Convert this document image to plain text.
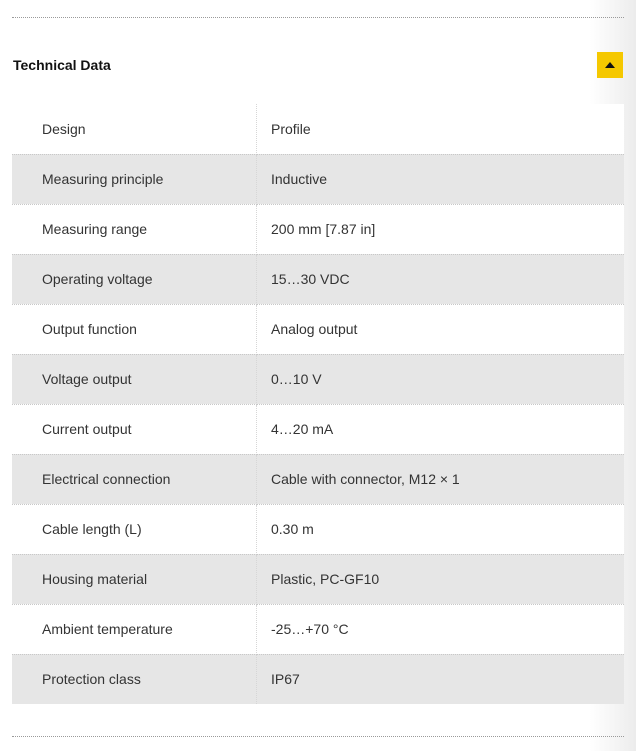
Technical Data
Design	Profile
Measuring principle	Inductive
Measuring range	200 mm [7.87 in]
Operating voltage	15…30 VDC
Output function	Analog output
Voltage output	0…10 V
Current output	4…20 mA
Electrical connection	Cable with connector, M12 × 1
Cable length (L)	0.30 m
Housing material	Plastic, PC-GF10
Ambient temperature	-25…+70 °C
Protection class	IP67
